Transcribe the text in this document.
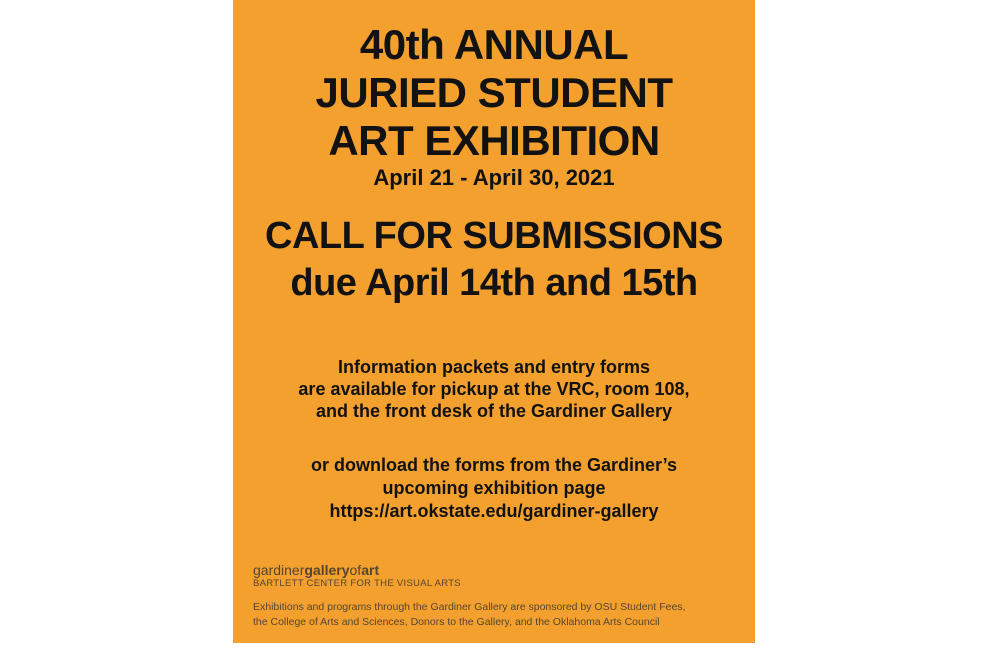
40th ANNUAL
JURIED STUDENT
ART EXHIBITION
April 21 - April 30, 2021
CALL FOR SUBMISSIONS
due April 14th and 15th
Information packets and entry forms
are available for pickup at the VRC, room 108,
and the front desk of the Gardiner Gallery
or download the forms from the Gardiner’s
upcoming exhibition page
https://art.okstate.edu/gardiner-gallery
gardinergalleryofart
BARTLETT CENTER FOR THE VISUAL ARTS
Exhibitions and programs through the Gardiner Gallery are sponsored by OSU Student Fees,
the College of Arts and Sciences, Donors to the Gallery, and the Oklahoma Arts Council
